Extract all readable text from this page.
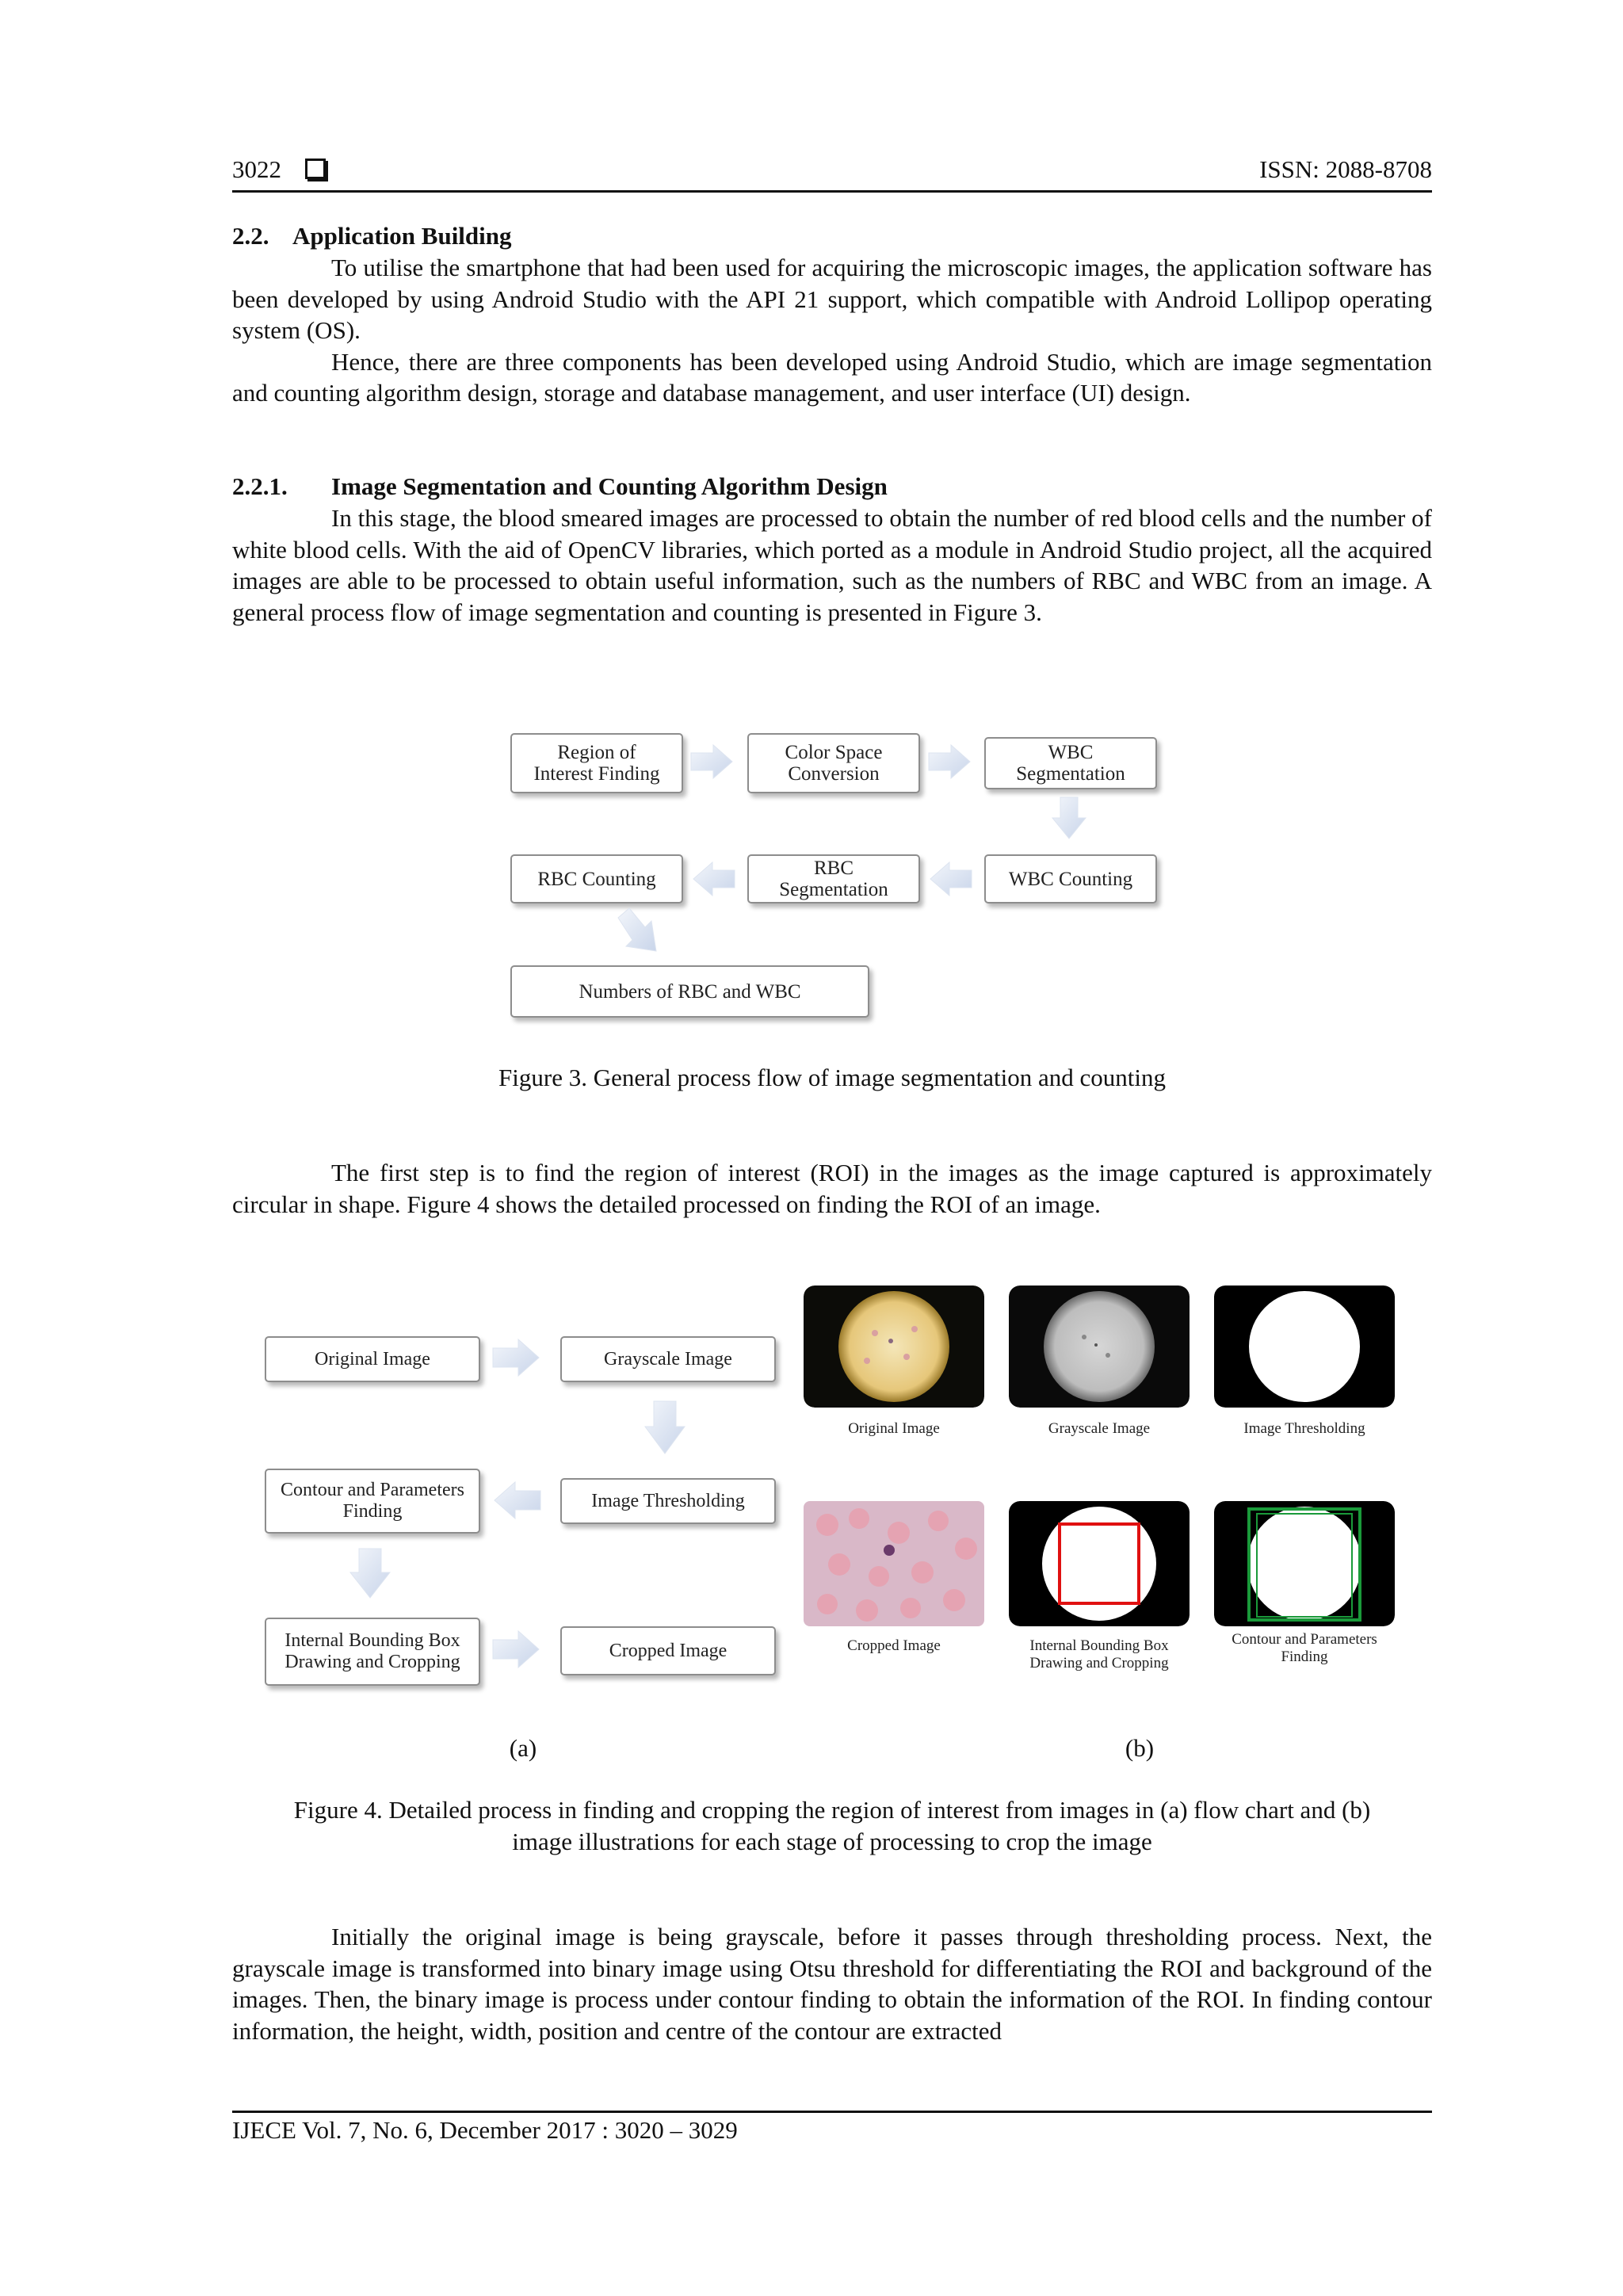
3022	ISSN: 2088-8708
2.2. Application Building

To utilise the smartphone that had been used for acquiring the microscopic images, the application software has been developed by using Android Studio with the API 21 support, which compatible with Android Lollipop operating system (OS).

Hence, there are three components has been developed using Android Studio, which are image segmentation and counting algorithm design, storage and database management, and user interface (UI) design.

2.2.1. Image Segmentation and Counting Algorithm Design

In this stage, the blood smeared images are processed to obtain the number of red blood cells and the number of white blood cells. With the aid of OpenCV libraries, which ported as a module in Android Studio project, all the acquired images are able to be processed to obtain useful information, such as the numbers of RBC and WBC from an image. A general process flow of image segmentation and counting is presented in Figure 3.

Region of
Interest Finding
Color Space
Conversion
WBC
Segmentation
RBC Counting	RBC
Segmentation	WBC Counting
Numbers of RBC and WBC
Figure 3. General process flow of image segmentation and counting

The first step is to find the region of interest (ROI) in the images as the image captured is approximately circular in shape. Figure 4 shows the detailed processed on finding the ROI of an image.

Original Image	Grayscale Image
Contour and Parameters
Finding
Image Thresholding
Internal Bounding Box
Drawing and Cropping
Cropped Image
Original Image	Grayscale Image	Image Thresholding
Cropped Image	Internal Bounding Box
Drawing and Cropping
Contour and Parameters
Finding
(a)	(b)
Figure 4. Detailed process in finding and cropping the region of interest from images in (a) flow chart and (b)
image illustrations for each stage of processing to crop the image

Initially the original image is being grayscale, before it passes through thresholding process. Next, the grayscale image is transformed into binary image using Otsu threshold for differentiating the ROI and background of the images. Then, the binary image is process under contour finding to obtain the information of the ROI. In finding contour information, the height, width, position and centre of the contour are extracted

IJECE Vol. 7, No. 6, December 2017 : 3020 – 3029
